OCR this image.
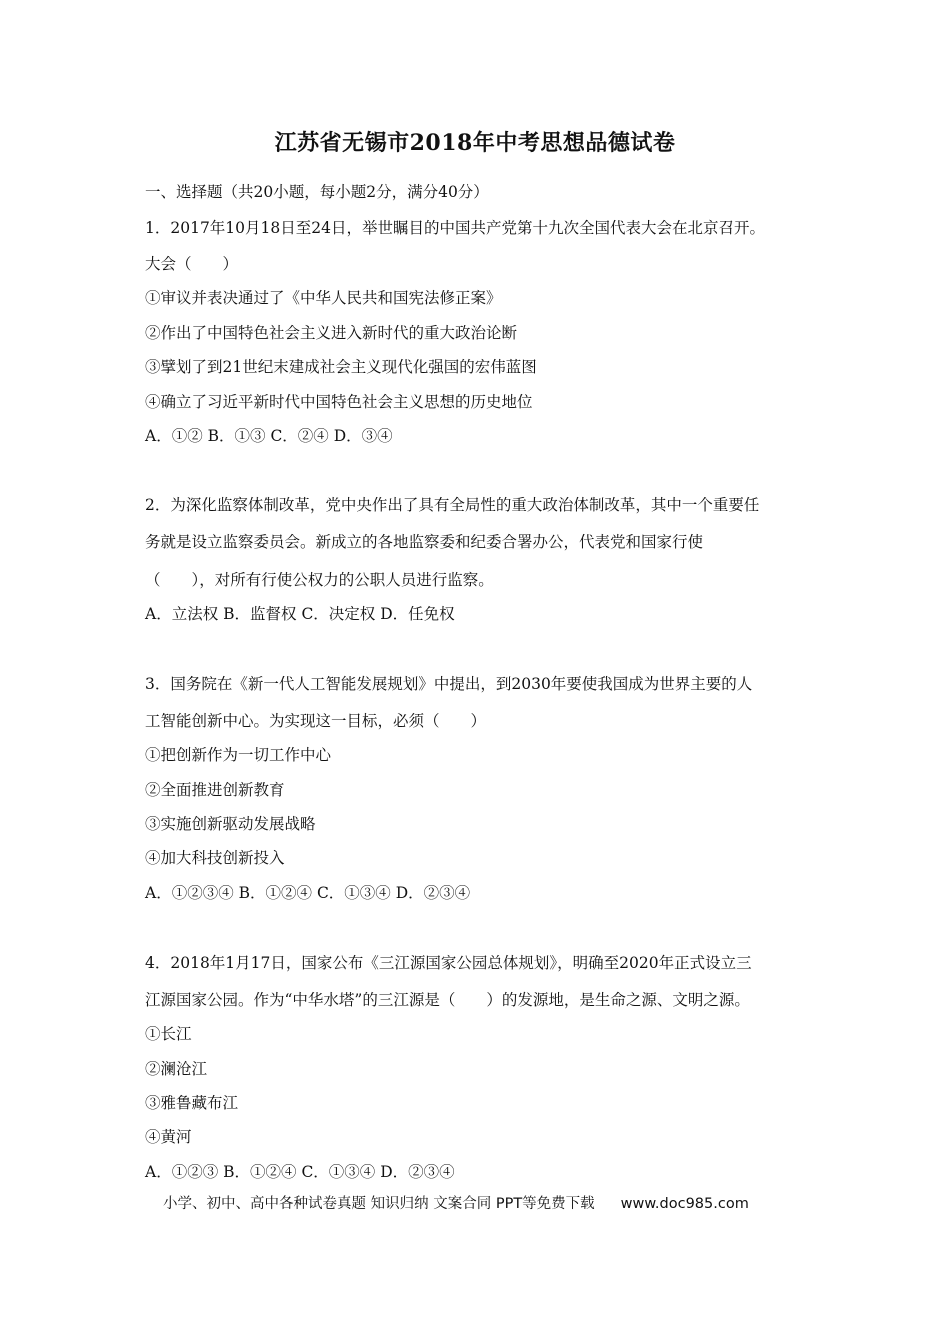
江苏省无锡市2018年中考思想品德试卷
一、选择题（共20小题，每小题2分，满分40分）
1．2017年10月18日至24日，举世瞩目的中国共产党第十九次全国代表大会在北京召开。
大会（　　）
①审议并表决通过了《中华人民共和国宪法修正案》
②作出了中国特色社会主义进入新时代的重大政治论断
③擘划了到21世纪末建成社会主义现代化强国的宏伟蓝图
④确立了习近平新时代中国特色社会主义思想的历史地位
A．①② B．①③ C．②④ D．③④
2．为深化监察体制改革，党中央作出了具有全局性的重大政治体制改革，其中一个重要任
务就是设立监察委员会。新成立的各地监察委和纪委合署办公，代表党和国家行使
（　　），对所有行使公权力的公职人员进行监察。
A．立法权 B．监督权 C．决定权 D．任免权
3．国务院在《新一代人工智能发展规划》中提出，到2030年要使我国成为世界主要的人
工智能创新中心。为实现这一目标，必须（　　）
①把创新作为一切工作中心
②全面推进创新教育
③实施创新驱动发展战略
④加大科技创新投入
A．①②③④ B．①②④ C．①③④ D．②③④
4．2018年1月17日，国家公布《三江源国家公园总体规划》，明确至2020年正式设立三
江源国家公园。作为“中华水塔”的三江源是（　　）的发源地，是生命之源、文明之源。
①长江
②澜沧江
③雅鲁藏布江
④黄河
A．①②③ B．①②④ C．①③④ D．②③④
小学、初中、高中各种试卷真题 知识归纳 文案合同 PPT等免费下载 www.doc985.com
